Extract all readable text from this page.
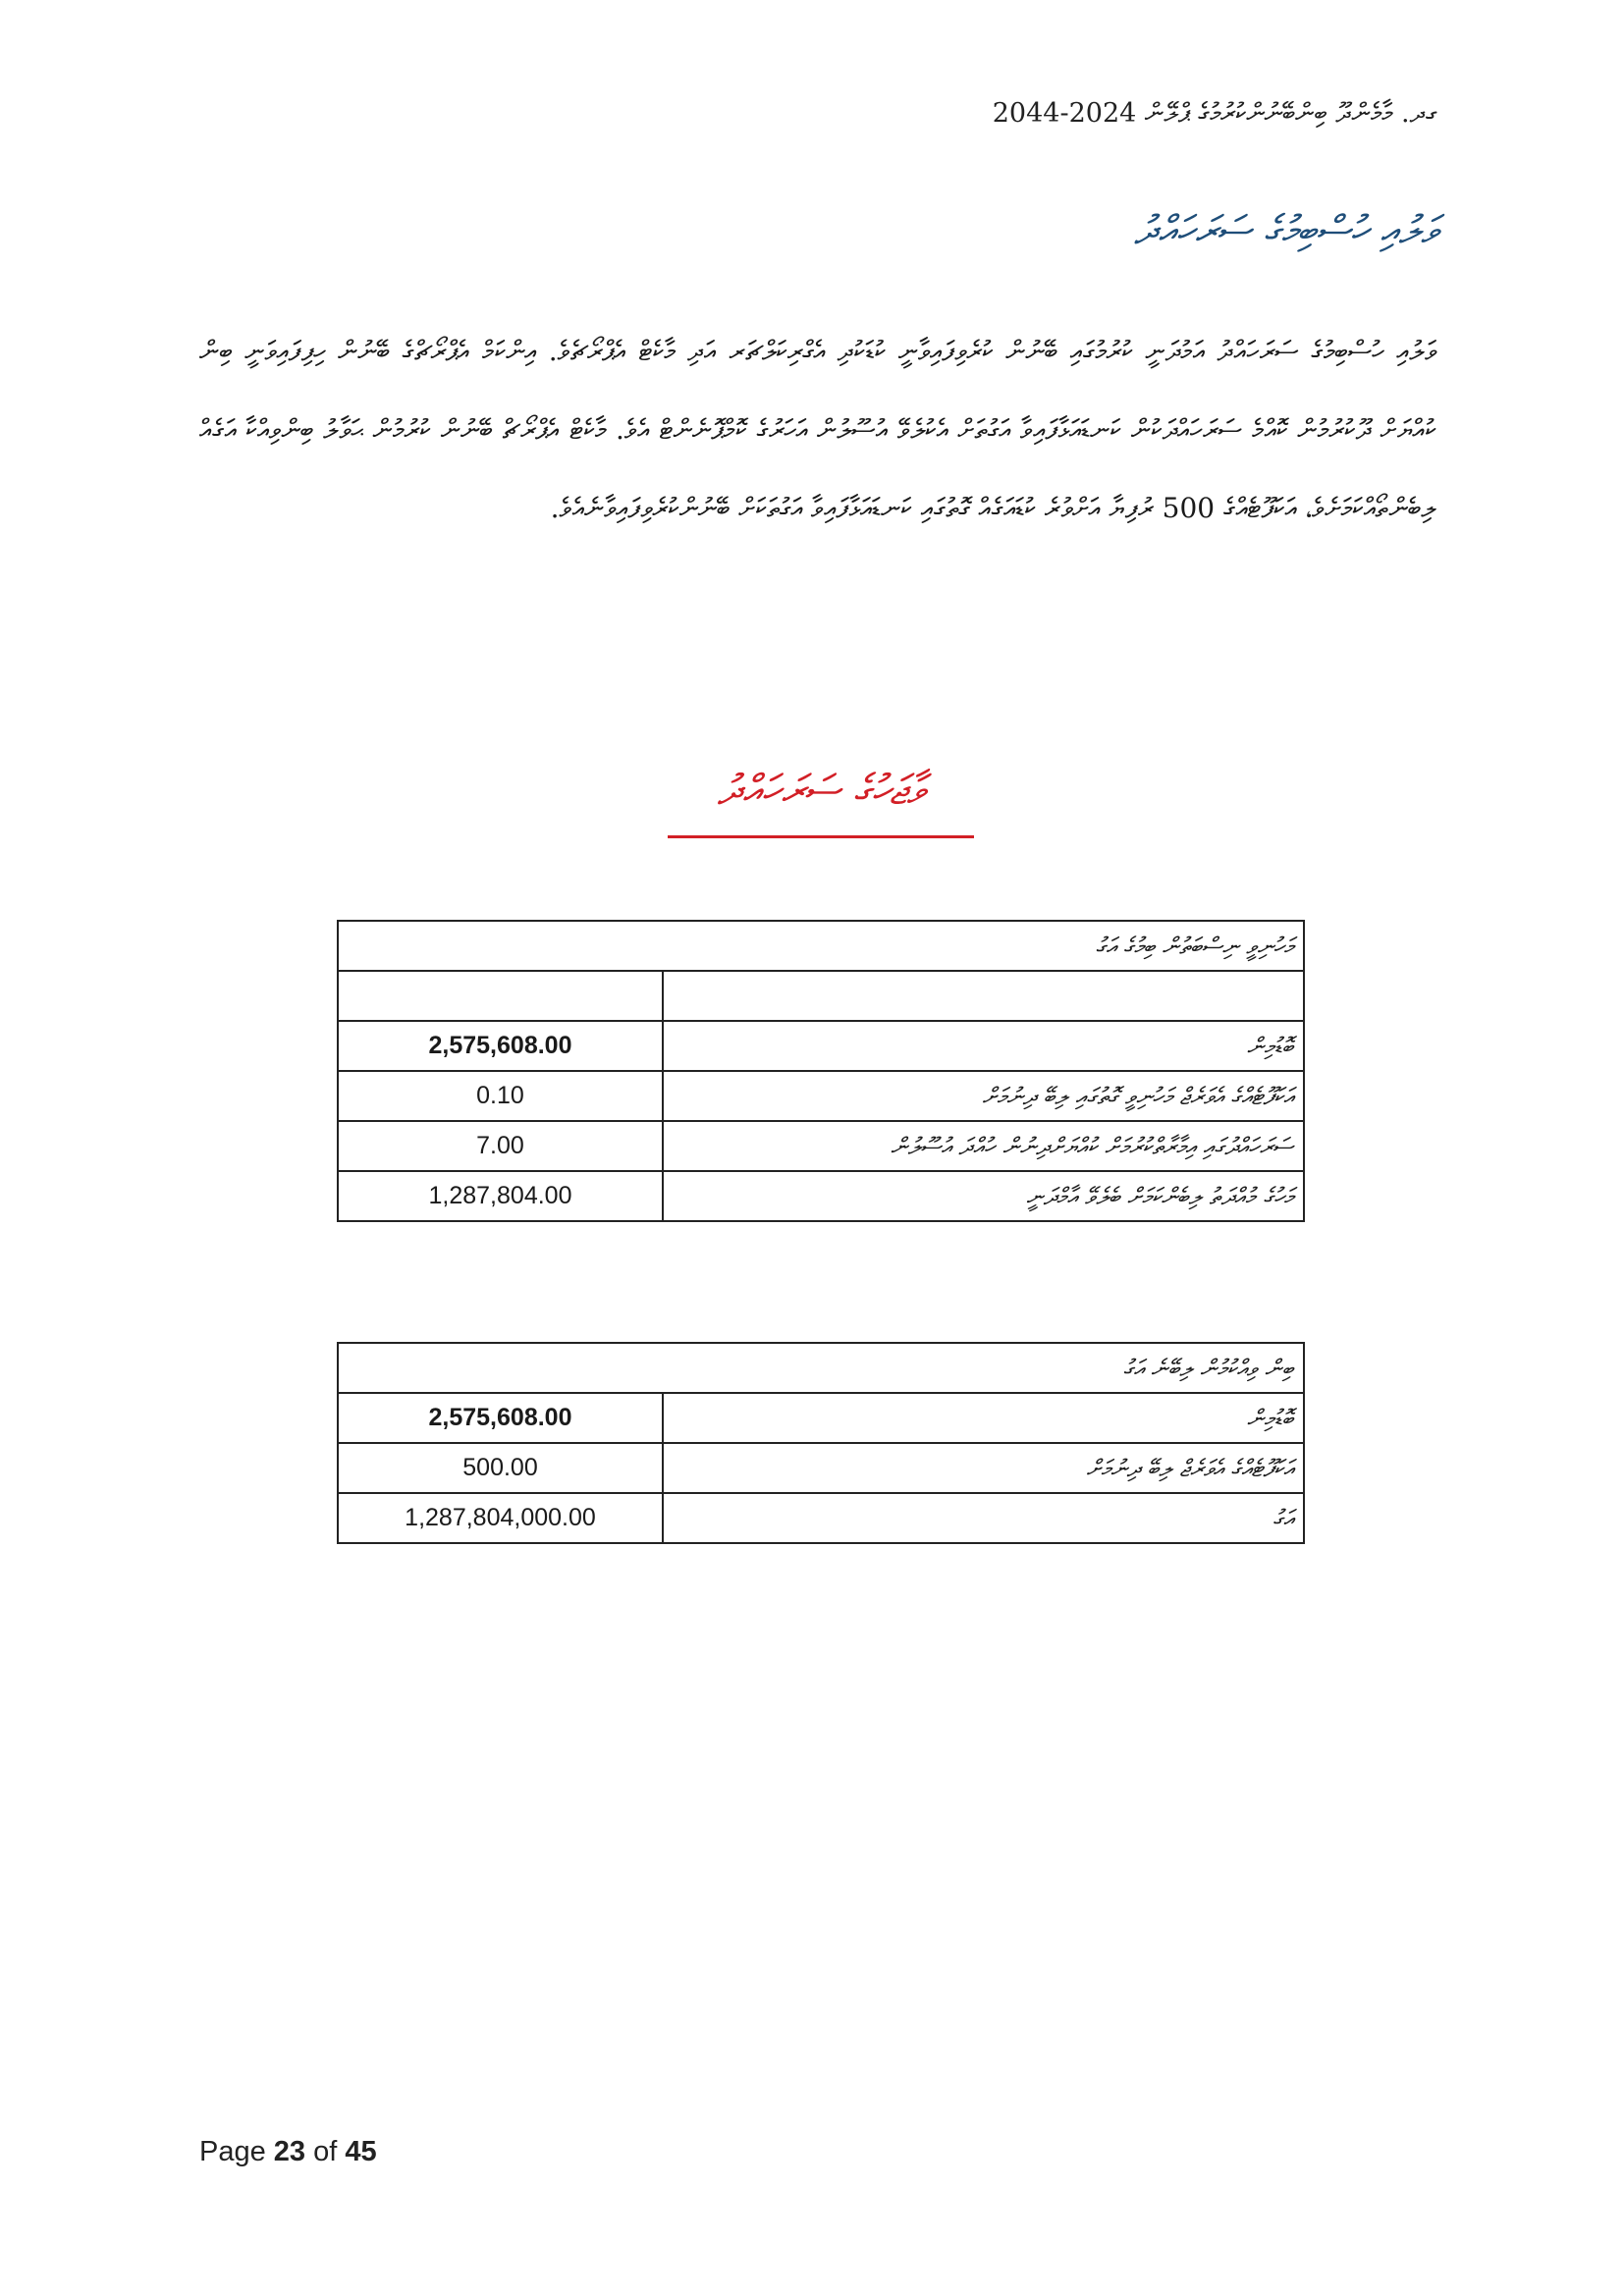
ގދ. މާމެންދޫ ބިންބޭނުންކުރުމުގެ ޕްލޭން 2024-2044
ވަލުއި ހުސްބިމުގެ ސަރަހައްދު
ވަލުއި ހުސްބިމުގެ ސަރަހައްދު އަމުދަނީ ކުރުމުގައި ބޭނުން ކުރެވިފައިވާނީ ކުޑަކުދި އެގްރިކަލްޗަރ އަދި މާކެޓް އެޕްރޯޗެވެ. އިންކަމް އެޕްރޯޗްގެ ބޭނުން ހިފިފައިވަނީ ބިން ކުއްޔަށް ދޫކުރުމުން ކޮއްމެ ސަރަހައްދަކުން ކަނޑައަޅާފައިވާ އަގުތަށް އެކުލެވޭ އުސޫލުން އަހަރުގެ ކޮމްޕޮނެންޓް އެވެ. މާކެޓް އެޕްރޯޗް ބޭނުން ކުރުމުން ޙަވާލު ބިންވިއްކާ އަގެއް ލިބެންތޯއްކަމަށެވެ، އަކަފޫޓެއްގެ 500 ރުފިޔާ އަށްވުރެ ކުޑައަގެއް ގޮތުގައި ކަނޑައަޅާފައިވާ އަގުތަކަށް ބޭނުންކުރެވިފައިވާނެއެވެ.
ވާޖަހުގެ ސަރަހައްދު
މަހުނިވީ ނިސްބަތުން ބިމުގެ އަގު	

2,575,608.00	ބޮޑުމިން
0.10	އަކަފޫޓެއްގެ އެވަރެޖް މަހުނިވީ ގޮތުގައި ލިބޭ ދިނުމަށް
7.00	ސަރަހައްދުގައި އިމާރާތްކުރުމަށް ކުއްޔަށްދިނުން ހުއްދަ އުސޫލުން
1,287,804.00	މަހުގެ މުއްދަތު ލިބެންކަމަށް ބެލެވޭ އާމްދަނީ
ބިން ވިއްކުމުން ލިބޭނެ އަގު	
2,575,608.00	ބޮޑުމިން
500.00	އަކަފޫޓެއްގެ އެވަރެޖް ލިބޭ ދިނުމަށް
1,287,804,000.00	އަގު
Page 23 of 45
